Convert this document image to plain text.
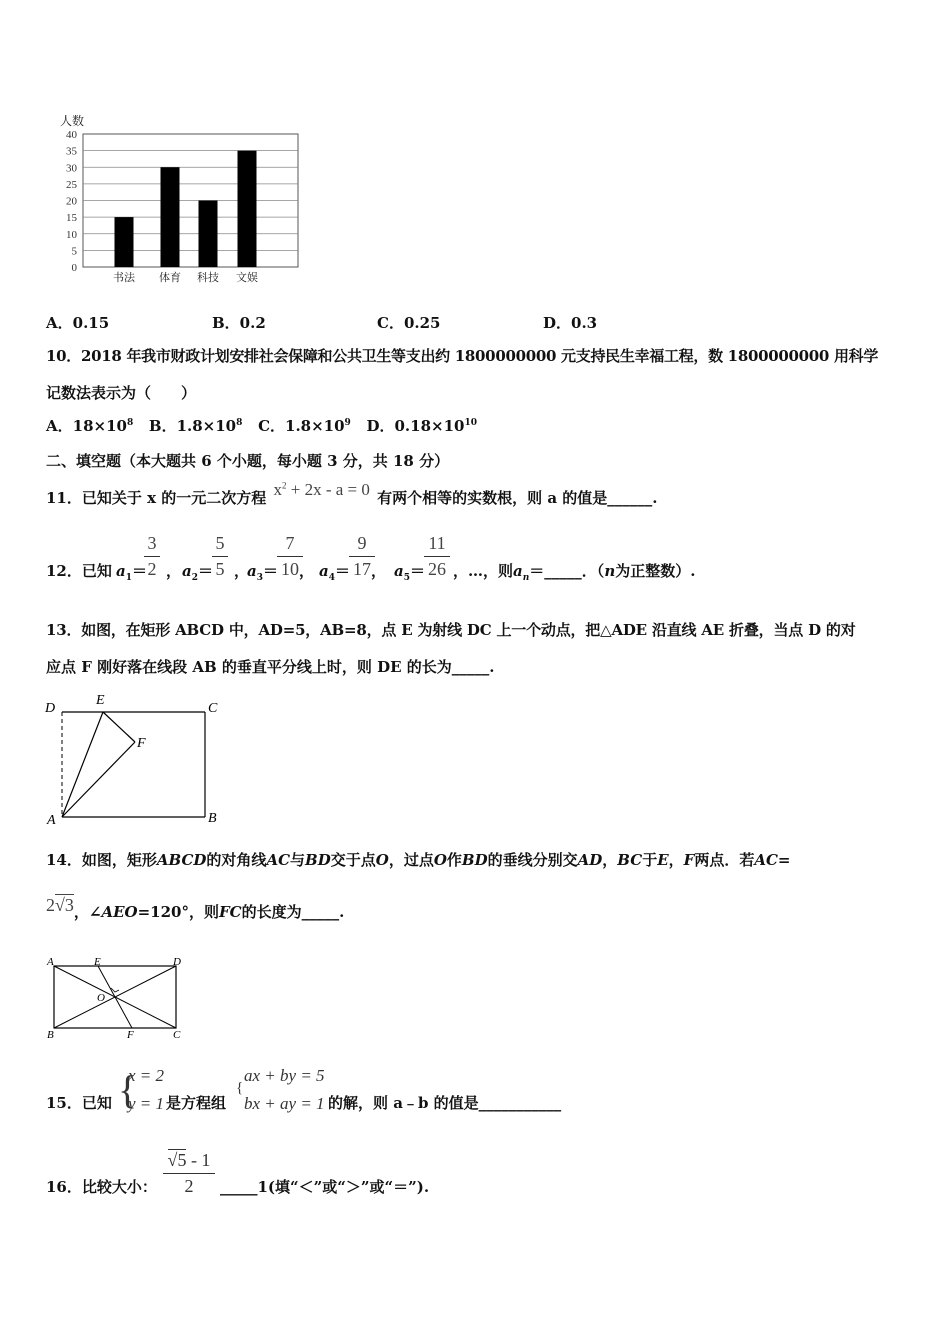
0
5
10
15
20
25
30
35
40
人数
书法 体育 科技 文娱
A．0.15	B．0.2	C．0.25	D．0.3
10．2018 年我市财政计划安排社会保障和公共卫生等支出约 1800000000 元支持民生幸福工程，数 1800000000 用科学
记数法表示为（　　）
A．$18\times 10^8$ B．$1.8\times 10^8$ C．$1.8\times 10^9$ D．$0.18\times 10^{10}$
二、填空题（本大题共 6 个小题，每小题 3 分，共 18 分）
11．已知关于 x 的一元二次方程 $x^2 + 2x - a = 0$ 有两个相等的实数根，则 a 的值是______.
12．已知 $a_1=$
3
2 ， $a_2=$
5
5 ，
$a_3=$
7
10 ， $a_4=$
9
17 ， $a_5=$
11
26 ，…，则$a_n=\_\_\_\_\_$．（n为正整数）.
13．如图，在矩形 ABCD 中，AD=5，AB=8，点 E 为射线 DC 上一个动点，把△ADE 沿直线 AE 折叠，当点 D 的对
应点 F 刚好落在线段 AB 的垂直平分线上时，则 DE 的长为_____.
D
E
C
F
A	B
14．如图，矩形ABCD的对角线AC与BD交于点O，过点O作BD的垂线分别交AD，BC于E，F两点．若AC=
2√3，∠AEO=120°，则FC的长度为_____.
A	E	D
O
B	F	C
15．已知 {
x = 2
y = 1 是方程组
{
ax + by = 5
bx + ay = 1 的解，则 a﹣b 的值是___________
16．比较大小：
√5 - 1
2	_____1(填“＜”或“＞”或“＝”).
